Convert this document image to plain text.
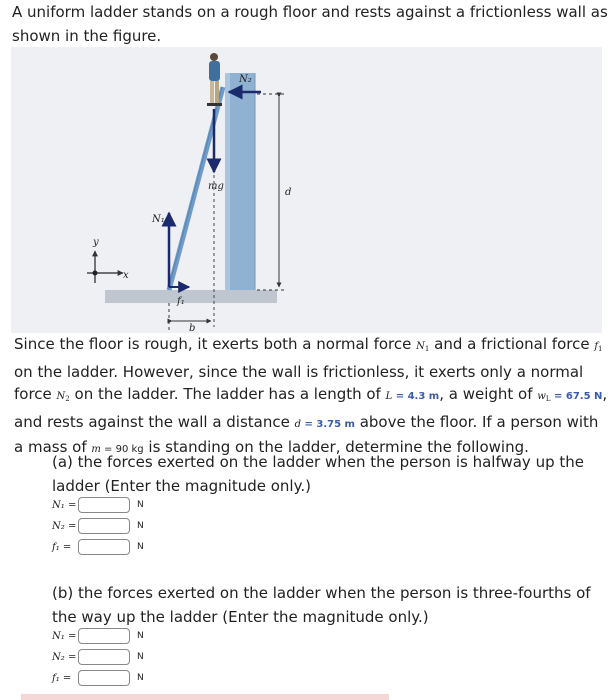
A uniform ladder stands on a rough floor and rests against a frictionless wall as shown in the figure.
N₂
mg
d
N₁
y
x
f₁
b
Since the floor is rough, it exerts both a normal force $N_1$ and a frictional force $f_1$ on the ladder. However, since the wall is frictionless, it exerts only a normal force $N_2$ on the ladder. The ladder has a length of L = 4.3 m, a weight of $w_L = 67.5$ N, and rests against the wall a distance d = 3.75 m above the floor. If a person with a mass of m = 90 kg is standing on the ladder, determine the following.
(a) the forces exerted on the ladder when the person is halfway up the ladder (Enter the magnitude only.)
N₁ =	N
N₂ =	N
f₁ =	N
(b) the forces exerted on the ladder when the person is three-fourths of the way up the ladder (Enter the magnitude only.)
N₁ =	N
N₂ =	N
f₁ =	N
